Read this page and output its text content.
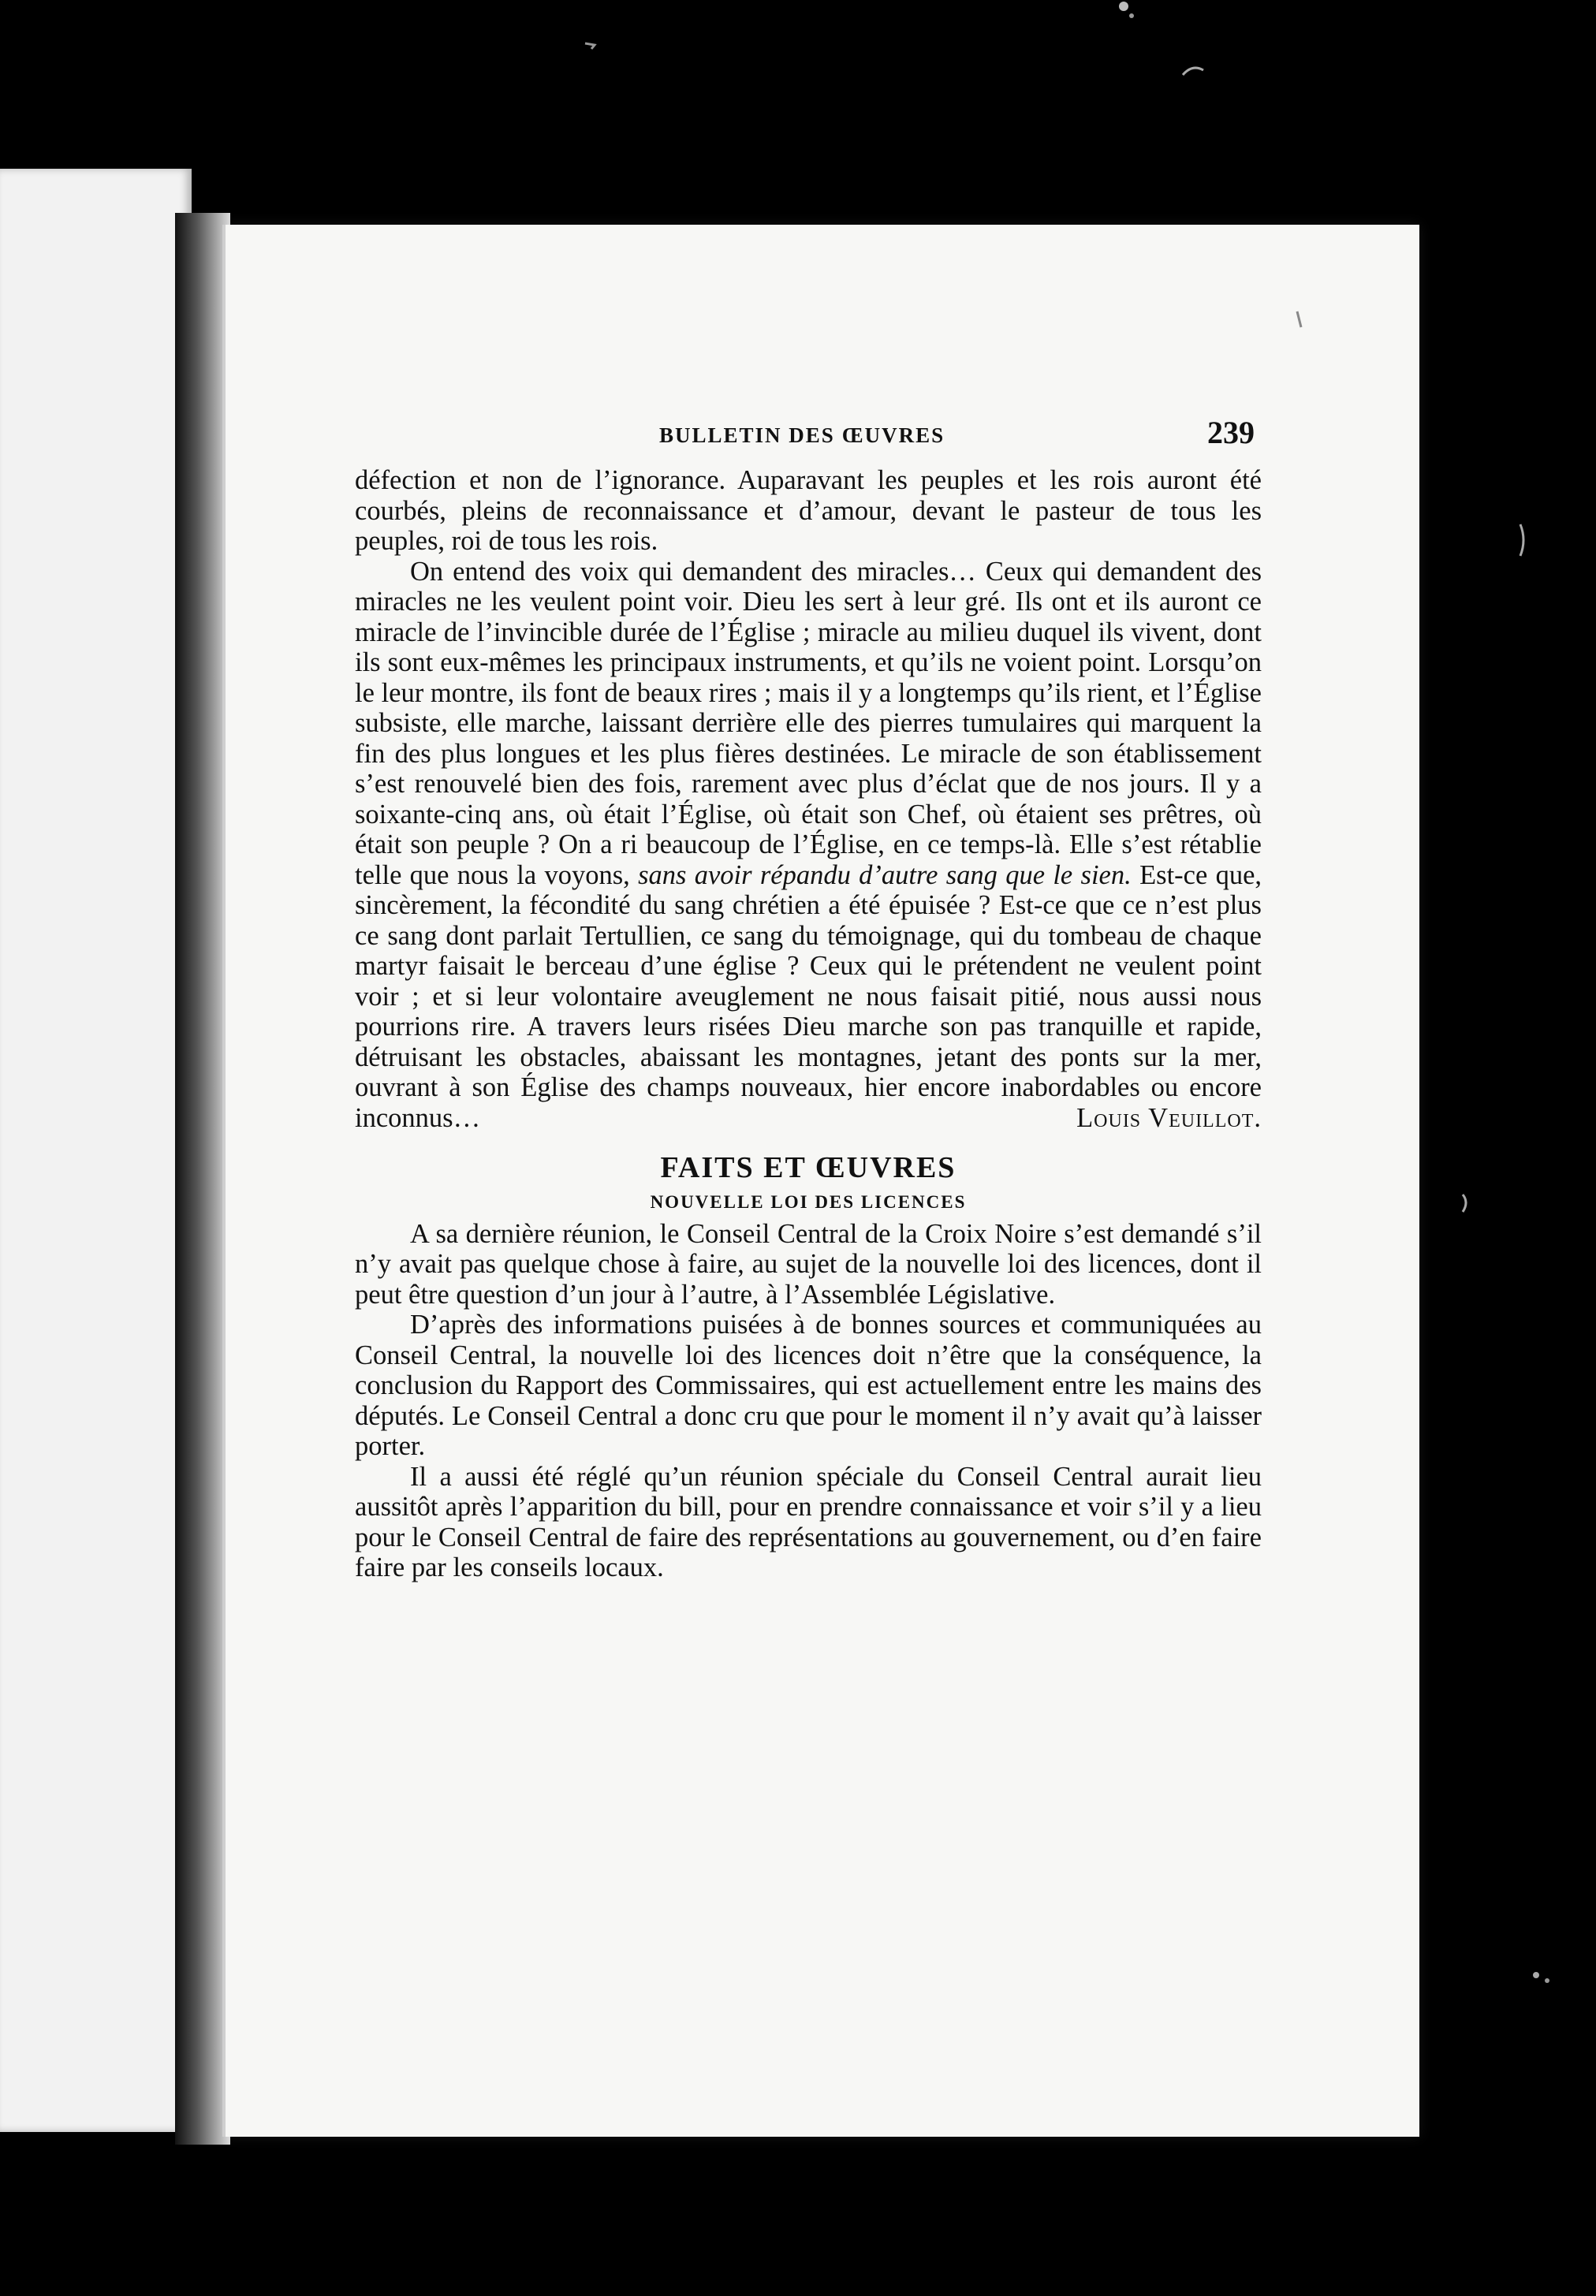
BULLETIN DES ŒUVRES	239

défection et non de l’ignorance. Auparavant les peuples et les rois auront été courbés, pleins de reconnaissance et d’amour, devant le pasteur de tous les peuples, roi de tous les rois.

On entend des voix qui demandent des miracles… Ceux qui demandent des miracles ne les veulent point voir. Dieu les sert à leur gré. Ils ont et ils auront ce miracle de l’invincible durée de l’Église ; miracle au milieu duquel ils vivent, dont ils sont eux-mêmes les principaux instruments, et qu’ils ne voient point. Lorsqu’on le leur montre, ils font de beaux rires ; mais il y a longtemps qu’ils rient, et l’Église subsiste, elle marche, laissant derrière elle des pierres tumulaires qui marquent la fin des plus longues et les plus fières destinées. Le miracle de son établissement s’est renouvelé bien des fois, rarement avec plus d’éclat que de nos jours. Il y a soixante-cinq ans, où était l’Église, où était son Chef, où étaient ses prêtres, où était son peuple ? On a ri beaucoup de l’Église, en ce temps-là. Elle s’est rétablie telle que nous la voyons, sans avoir répandu d’autre sang que le sien. Est-ce que, sincèrement, la fécondité du sang chrétien a été épuisée ? Est-ce que ce n’est plus ce sang dont parlait Tertullien, ce sang du témoignage, qui du tombeau de chaque martyr faisait le berceau d’une église ? Ceux qui le prétendent ne veulent point voir ; et si leur volontaire aveuglement ne nous faisait pitié, nous aussi nous pourrions rire. A travers leurs risées Dieu marche son pas tranquille et rapide, détruisant les obstacles, abaissant les montagnes, jetant des ponts sur la mer, ouvrant à son Église des champs nouveaux, hier encore inabordables ou encore inconnus…	Louis Veuillot.

FAITS ET ŒUVRES
NOUVELLE LOI DES LICENCES

A sa dernière réunion, le Conseil Central de la Croix Noire s’est demandé s’il n’y avait pas quelque chose à faire, au sujet de la nouvelle loi des licences, dont il peut être question d’un jour à l’autre, à l’Assemblée Législative.

D’après des informations puisées à de bonnes sources et communiquées au Conseil Central, la nouvelle loi des licences doit n’être que la conséquence, la conclusion du Rapport des Commissaires, qui est actuellement entre les mains des députés. Le Conseil Central a donc cru que pour le moment il n’y avait qu’à laisser porter.

Il a aussi été réglé qu’un réunion spéciale du Conseil Central aurait lieu aussitôt après l’apparition du bill, pour en prendre connaissance et voir s’il y a lieu pour le Conseil Central de faire des représentations au gouvernement, ou d’en faire faire par les conseils locaux.
